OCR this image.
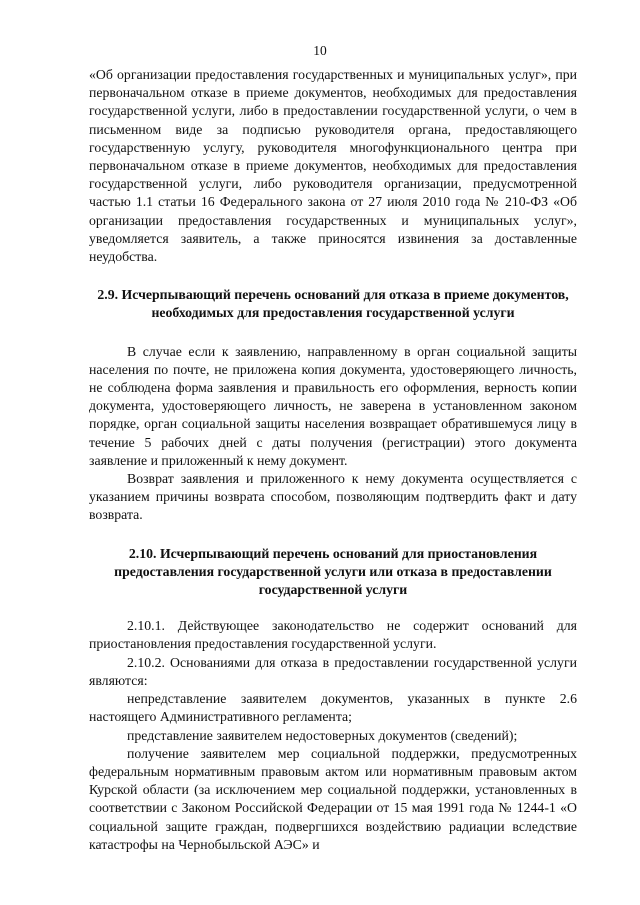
10

«Об организации предоставления государственных и муниципальных услуг», при первоначальном отказе в приеме документов, необходимых для предоставления государственной услуги, либо в предоставлении государственной услуги, о чем в письменном виде за подписью руководителя органа, предоставляющего государственную услугу, руководителя многофункционального центра при первоначальном отказе в приеме документов, необходимых для предоставления государственной услуги, либо руководителя организации, предусмотренной частью 1.1 статьи 16 Федерального закона от 27 июля 2010 года № 210-ФЗ «Об организации предоставления государственных и муниципальных услуг», уведомляется заявитель, а также приносятся извинения за доставленные неудобства.

2.9. Исчерпывающий перечень оснований для отказа в приеме документов, необходимых для предоставления государственной услуги

В случае если к заявлению, направленному в орган социальной защиты населения по почте, не приложена копия документа, удостоверяющего личность, не соблюдена форма заявления и правильность его оформления, верность копии документа, удостоверяющего личность, не заверена в установленном законом порядке, орган социальной защиты населения возвращает обратившемуся лицу в течение 5 рабочих дней с даты получения (регистрации) этого документа заявление и приложенный к нему документ.

Возврат заявления и приложенного к нему документа осуществляется с указанием причины возврата способом, позволяющим подтвердить факт и дату возврата.

2.10. Исчерпывающий перечень оснований для приостановления предоставления государственной услуги или отказа в предоставлении государственной услуги

2.10.1. Действующее законодательство не содержит оснований для приостановления предоставления государственной услуги.

2.10.2. Основаниями для отказа в предоставлении государственной услуги являются:

непредставление заявителем документов, указанных в пункте 2.6 настоящего Административного регламента;

представление заявителем недостоверных документов (сведений);

получение заявителем мер социальной поддержки, предусмотренных федеральным нормативным правовым актом или нормативным правовым актом Курской области (за исключением мер социальной поддержки, установленных в соответствии с Законом Российской Федерации от 15 мая 1991 года № 1244-1 «О социальной защите граждан, подвергшихся воздействию радиации вследствие катастрофы на Чернобыльской АЭС» и
